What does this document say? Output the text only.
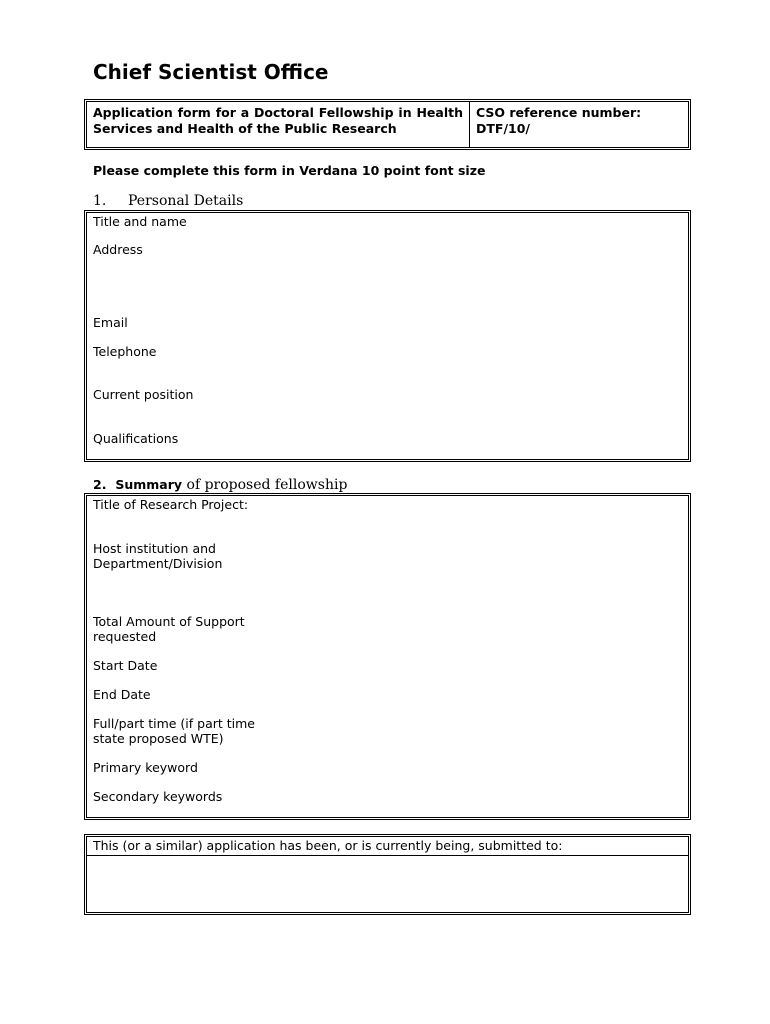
Chief Scientist Office
Application form for a Doctoral Fellowship in Health Services and Health of the Public Research
CSO reference number:
DTF/10/
Please complete this form in Verdana 10 point font size
1. Personal Details
Title and name
Address
Email
Telephone
Current position
Qualifications
2. Summary of proposed fellowship
Title of Research Project:
Host institution and
Department/Division
Total Amount of Support
requested
Start Date
End Date
Full/part time (if part time
state proposed WTE)
Primary keyword
Secondary keywords
This (or a similar) application has been, or is currently being, submitted to:
